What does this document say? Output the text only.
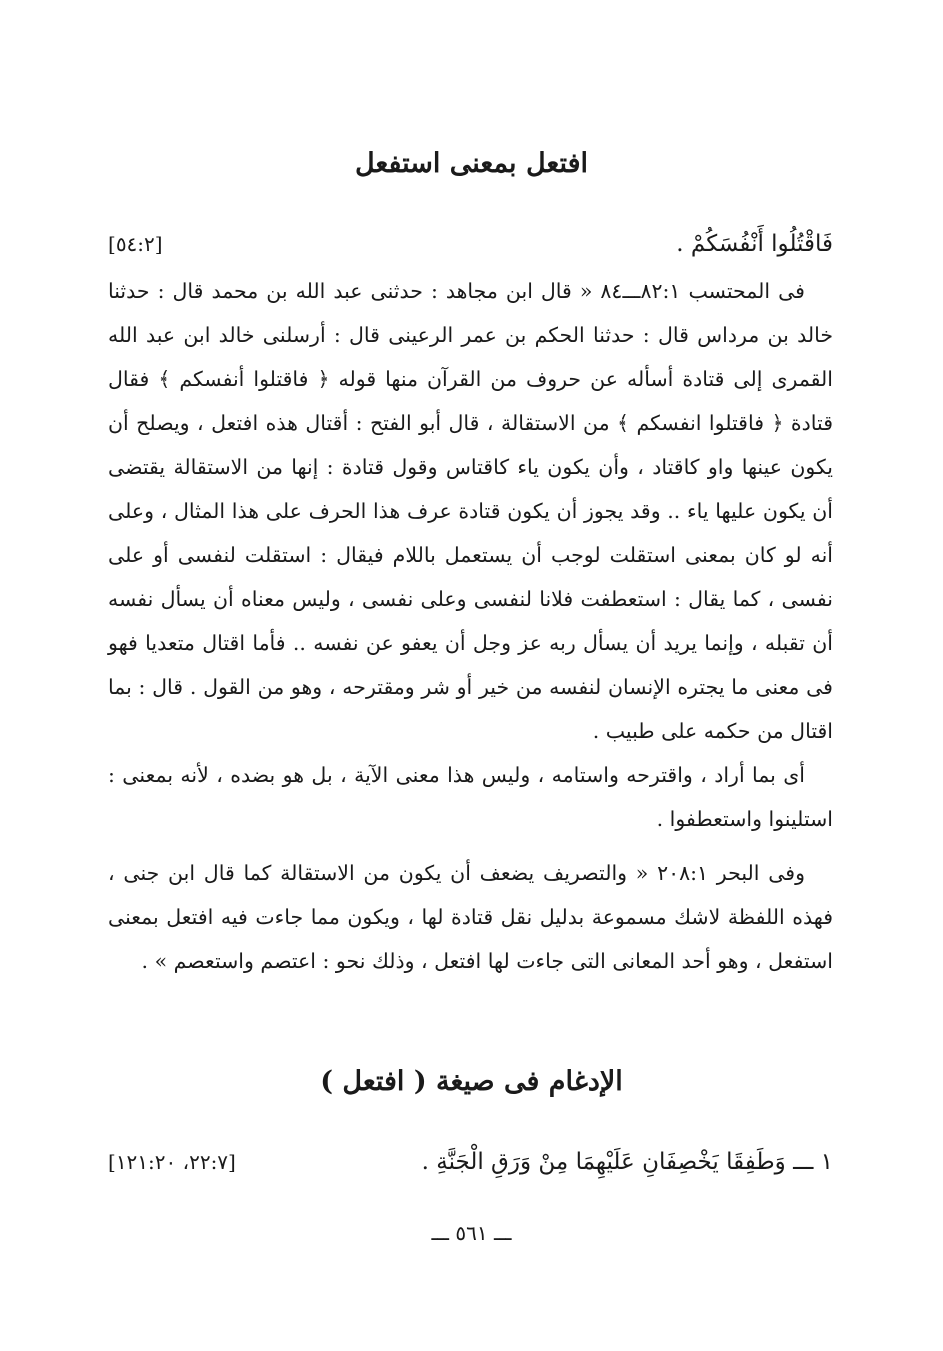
افتعل بمعنى استفعل
فَاقْتُلُوا أَنْفُسَكُمْ .
[٥٤:٢]

فى المحتسب ٨٢:١ـــ٨٤ « قال ابن مجاهد : حدثنى عبد الله بن محمد قال : حدثنا خالد بن مرداس قال : حدثنا الحكم بن عمر الرعينى قال : أرسلنى خالد ابن عبد الله القمرى إلى قتادة أسأله عن حروف من القرآن منها قوله ﴿ فاقتلوا أنفسكم ﴾ فقال قتادة ﴿ فاقتلوا انفسكم ﴾ من الاستقالة ، قال أبو الفتح : أقتال هذه افتعل ، ويصلح أن يكون عينها واو كاقتاد ، وأن يكون ياء كاقتاس وقول قتادة : إنها من الاستقالة يقتضى أن يكون عليها ياء .. وقد يجوز أن يكون قتادة عرف هذا الحرف على هذا المثال ، وعلى أنه لو كان بمعنى استقلت لوجب أن يستعمل باللام فيقال : استقلت لنفسى أو على نفسى ، كما يقال : استعطفت فلانا لنفسى وعلى نفسى ، وليس معناه أن يسأل نفسه أن تقبله ، وإنما يريد أن يسأل ربه عز وجل أن يعفو عن نفسه .. فأما اقتال متعديا فهو فى معنى ما يجتره الإنسان لنفسه من خير أو شر ومقترحه ، وهو من القول . قال : بما اقتال من حكمه على طبيب .

أى بما أراد ، واقترحه واستامه ، وليس هذا معنى الآية ، بل هو بضده ، لأنه بمعنى : استلينوا واستعطفوا .

وفى البحر ٢٠٨:١ « والتصريف يضعف أن يكون من الاستقالة كما قال ابن جنى ، فهذه اللفظة لاشك مسموعة بدليل نقل قتادة لها ، ويكون مما جاءت فيه افتعل بمعنى استفعل ، وهو أحد المعانى التى جاءت لها افتعل ، وذلك نحو : اعتصم واستعصم » .

الإدغام فى صيغة ( افتعل )
١ ـــ وَطَفِقَا يَخْصِفَانِ عَلَيْهِمَا مِنْ وَرَقِ الْجَنَّةِ .
[٢٢:٧، ١٢١:٢٠]
ـــ ٥٦١ ـــ
